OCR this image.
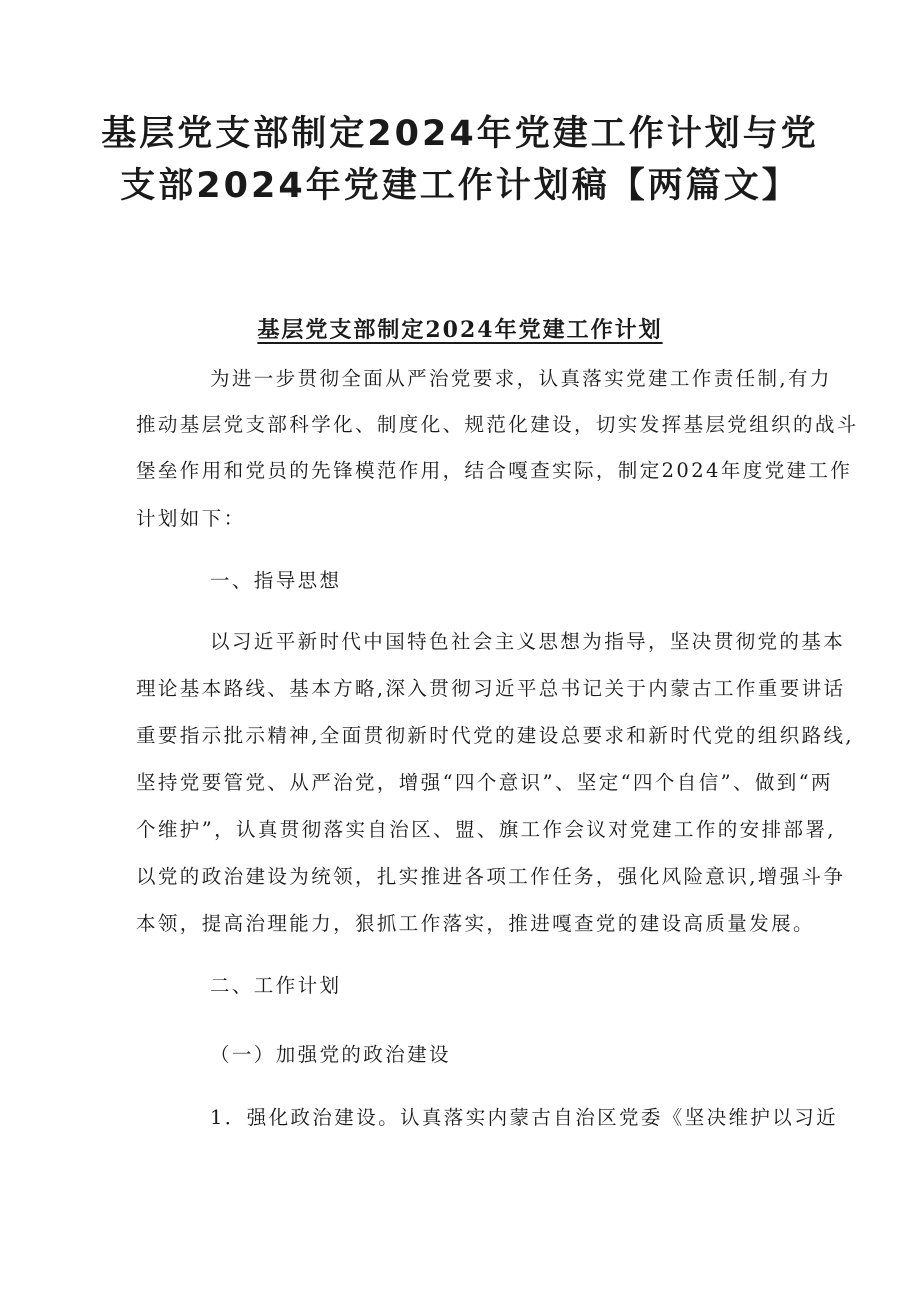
基层党支部制定2024年党建工作计划与党
支部2024年党建工作计划稿【两篇文】
基层党支部制定2024年党建工作计划

为进一步贯彻全面从严治党要求，认真落实党建工作责任制,有力

推动基层党支部科学化、制度化、规范化建设，切实发挥基层党组织的战斗

堡垒作用和党员的先锋模范作用，结合嘎查实际，制定2024年度党建工作

计划如下：

一、指导思想

以习近平新时代中国特色社会主义思想为指导，坚决贯彻党的基本

理论基本路线、基本方略,深入贯彻习近平总书记关于内蒙古工作重要讲话

重要指示批示精神,全面贯彻新时代党的建设总要求和新时代党的组织路线,

坚持党要管党、从严治党，增强“四个意识”、坚定“四个自信”、做到“两

个维护”，认真贯彻落实自治区、盟、旗工作会议对党建工作的安排部署,

以党的政治建设为统领，扎实推进各项工作任务，强化风险意识,增强斗争

本领，提高治理能力，狠抓工作落实，推进嘎查党的建设高质量发展。

二、工作计划

（一）加强党的政治建设

1．强化政治建设。认真落实内蒙古自治区党委《坚决维护以习近
